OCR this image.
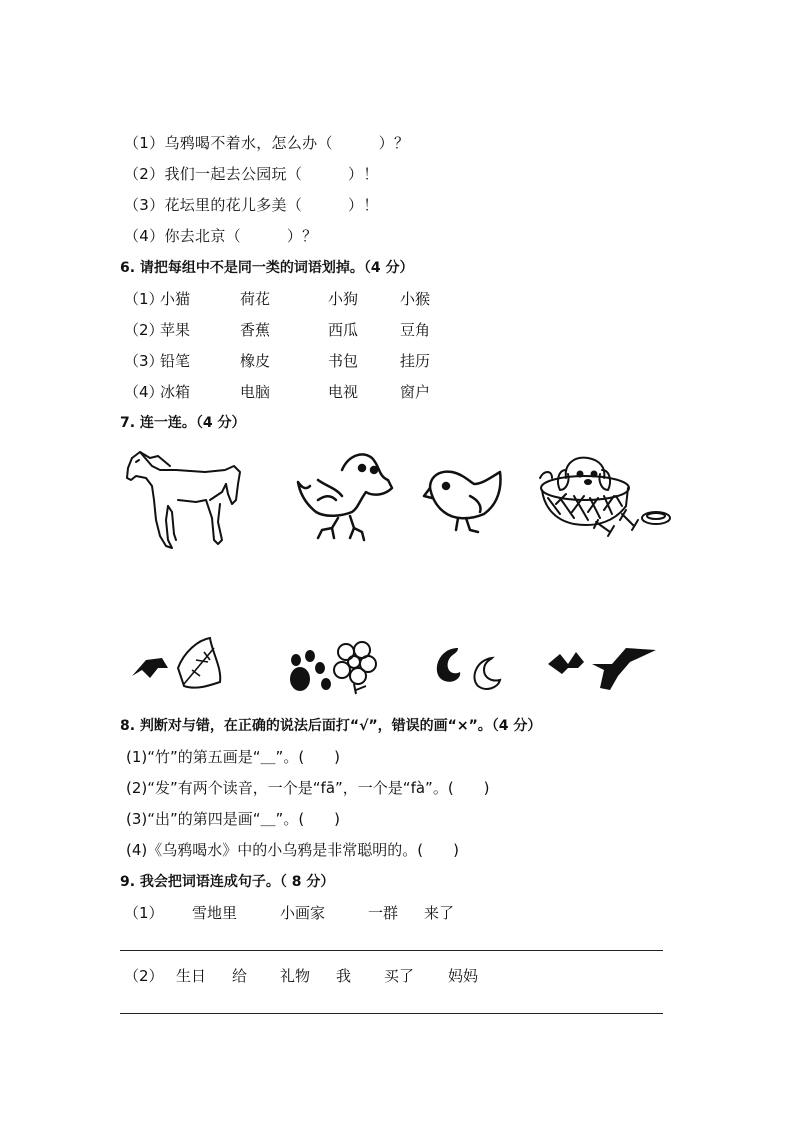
（1）乌鸦喝不着水，怎么办（　　　）？
（2）我们一起去公园玩（　　　）！
（3）花坛里的花儿多美（　　　）！
（4）你去北京（　　　）？
6. 请把每组中不是同一类的词语划掉。（4 分）
（1）
小猫	荷花	小狗	小猴
（2）
苹果	香蕉	西瓜	豆角
（3）
铅笔	橡皮	书包	挂历
（4）
冰箱	电脑	电视	窗户
7. 连一连。（4 分）
8. 判断对与错，在正确的说法后面打“√”，错误的画“×”。（4 分）
(1)“竹”的第五画是“＿”。(　　)
(2)“发”有两个读音，一个是“fā”，一个是“fà”。(　　)
(3)“出”的第四是画“＿”。(　　)
(4)《乌鸦喝水》中的小乌鸦是非常聪明的。(　　)
9. 我会把词语连成句子。（ 8 分）
（1） 雪地里	小画家	一群 来了
（2） 生日 给 礼物 我 买了 妈妈
